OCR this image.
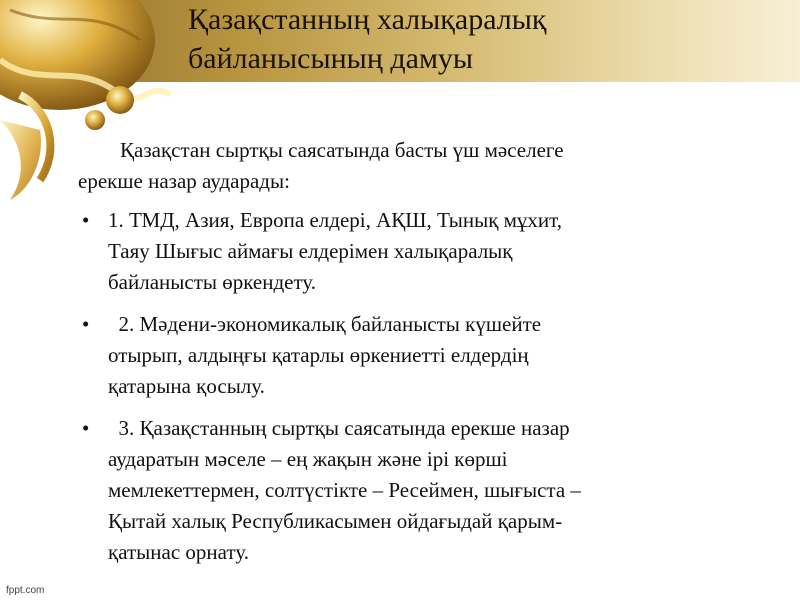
Қазақстанның халықаралық
байланысының дамуы

Қазақстан сыртқы саясатында басты үш мәселеге
ерекше назар аударады:

• 1. ТМД, Азия, Европа елдері, АҚШ, Тынық мұхит,
Таяу Шығыс аймағы елдерімен халықаралық
байланысты өркендету.
• 2. Мәдени-экономикалық байланысты күшейте
отырып, алдыңғы қатарлы өркениетті елдердің
қатарына қосылу.
• 3. Қазақстанның сыртқы саясатында ерекше назар
аударатын мәселе – ең жақын және ірі көрші
мемлекеттермен, солтүстікте – Ресеймен, шығыста –
Қытай халық Республикасымен ойдағыдай қарым-
қатынас орнату.
fppt.com
